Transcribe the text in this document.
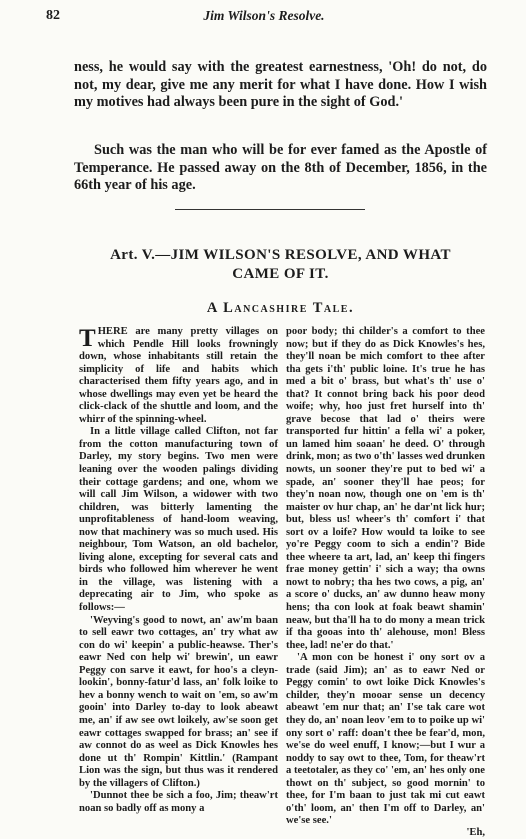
82	Jim Wilson's Resolve.

ness, he would say with the greatest earnestness, 'Oh! do not, do not, my dear, give me any merit for what I have done. How I wish my motives had always been pure in the sight of God.'

Such was the man who will be for ever famed as the Apostle of Temperance. He passed away on the 8th of December, 1856, in the 66th year of his age.

Art. V.—JIM WILSON'S RESOLVE, AND WHAT
CAME OF IT.
A Lancashire Tale.

THERE are many pretty villages on which Pendle Hill looks frowningly down, whose inhabitants still retain the simplicity of life and habits which characterised them fifty years ago, and in whose dwellings may even yet be heard the click-clack of the shuttle and loom, and the whirr of the spinning-wheel.

In a little village called Clifton, not far from the cotton manufacturing town of Darley, my story begins. Two men were leaning over the wooden palings dividing their cottage gardens; and one, whom we will call Jim Wilson, a widower with two children, was bitterly lamenting the unprofitableness of hand-loom weaving, now that machinery was so much used. His neighbour, Tom Watson, an old bachelor, living alone, excepting for several cats and birds who followed him wherever he went in the village, was listening with a deprecating air to Jim, who spoke as follows:—

'Weyving's good to nowt, an' aw'm baan to sell eawr two cottages, an' try what aw con do wi' keepin' a public-heawse. Ther's eawr Ned con help wi' brewin', un eawr Peggy con sarve it eawt, for hoo's a cleyn-lookin', bonny-fatur'd lass, an' folk loike to hev a bonny wench to wait on 'em, so aw'm gooin' into Darley to-day to look abeawt me, an' if aw see owt loikely, aw'se soon get eawr cottages swapped for brass; an' see if aw connot do as weel as Dick Knowles hes done ut th' Rompin' Kittlin.' (Rampant Lion was the sign, but thus was it rendered by the villagers of Clifton.)

'Dunnot thee be sich a foo, Jim; theaw'rt noan so badly off as mony a

poor body; thi childer's a comfort to thee now; but if they do as Dick Knowles's hes, they'll noan be mich comfort to thee after tha gets i'th' public loine. It's true he has med a bit o' brass, but what's th' use o' that? It connot bring back his poor deod woife; why, hoo just fret hurself into th' grave becose that lad o' theirs were transported fur hittin' a fella wi' a poker, un lamed him soaan' he deed. O' through drink, mon; as two o'th' lasses wed drunken nowts, un sooner they're put to bed wi' a spade, an' sooner they'll hae peos; for they'n noan now, though one on 'em is th' maister ov hur chap, an' he dar'nt lick hur; but, bless us! wheer's th' comfort i' that sort ov a loife? How would ta loike to see yo're Peggy coom to sich a endin'? Bide thee wheere ta art, lad, an' keep thi fingers frae money gettin' i' sich a way; tha owns nowt to nobry; tha hes two cows, a pig, an' a score o' ducks, an' aw dunno heaw mony hens; tha con look at foak beawt shamin' neaw, but tha'll ha to do mony a mean trick if tha gooas into th' alehouse, mon! Bless thee, lad! ne'er do that.'

'A mon con be honest i' ony sort ov a trade (said Jim); an' as to eawr Ned or Peggy comin' to owt loike Dick Knowles's childer, they'n mooar sense un decency abeawt 'em nur that; an' I'se tak care wot they do, an' noan leov 'em to to poike up wi' ony sort o' raff: doan't thee be fear'd, mon, we'se do weel enuff, I know;—but I wur a noddy to say owt to thee, Tom, for theaw'rt a teetotaler, as they co' 'em, an' hes only one thowt on th' subject, so good mornin' to thee, for I'm baan to just tak mi cut eawt o'th' loom, an' then I'm off to Darley, an' we'se see.'

'Eh,
